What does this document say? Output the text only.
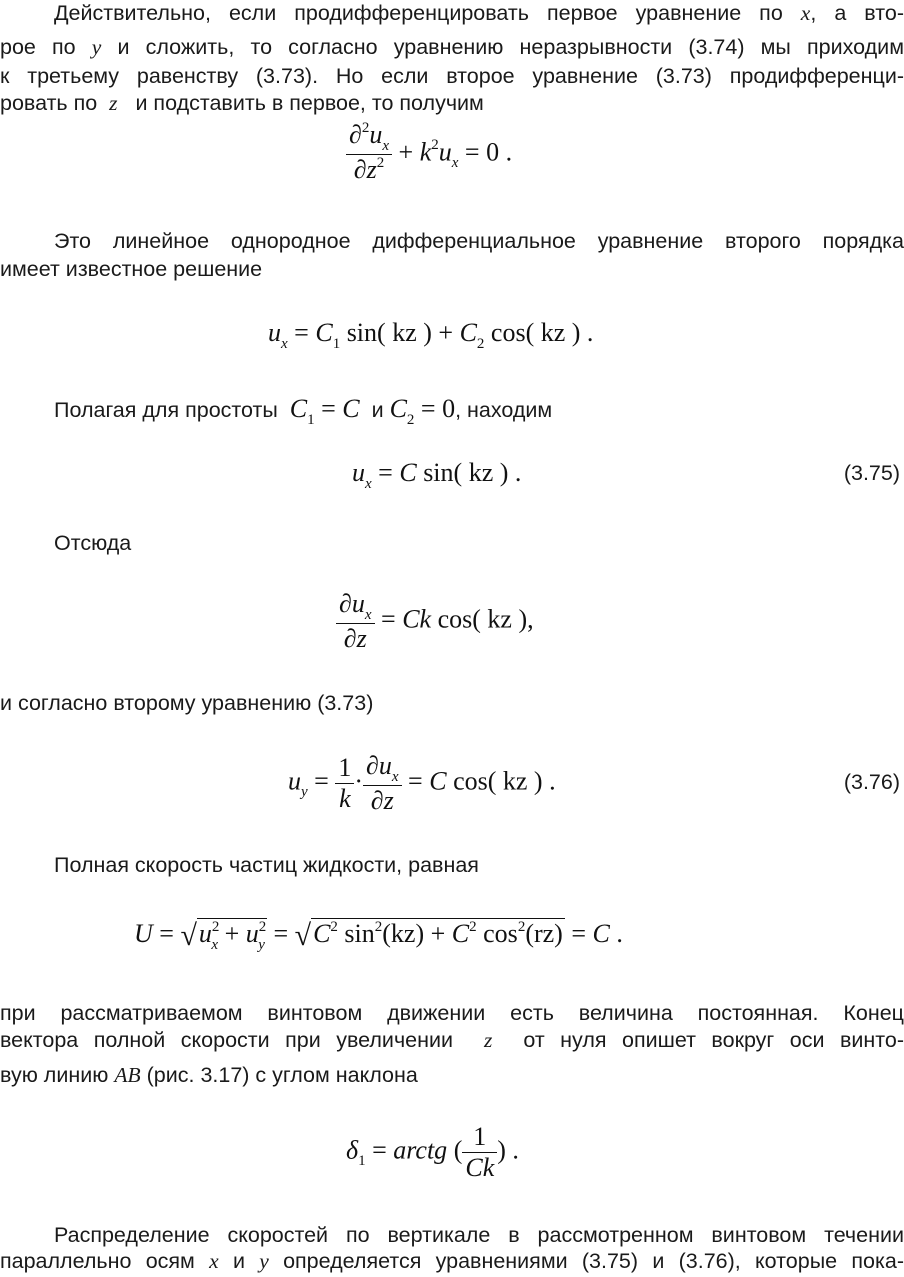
Действительно, если продифференцировать первое уравнение по x, а вто-
рое по y и сложить, то согласно уравнению неразрывности (3.74) мы приходим
к третьему равенству (3.73). Но если второе уравнение (3.73) продифференци-
ровать по z и подставить в первое, то получим
$\frac{\partial^2u_x}{\partial z^2} + k^2u_x = 0$ .
Это линейное однородное дифференциальное уравнение второго порядка
имеет известное решение
$u_x = C_1$ sin( kz ) + $C_2$ cos( kz ) .
Полагая для простоты $C_1 = C$ и $C_2 = 0$, находим
$u_x = C$ sin( kz ) .	(3.75)
Отсюда
$\frac{\partial u_x}{\partial z} = Ck$ cos( kz ),
и согласно второму уравнению (3.73)
$u_y = \frac{1}{k} \cdot \frac{\partial u_x}{\partial z} = C$ cos( kz ) .	(3.76)
Полная скорость частиц жидкости, равная
$U = √u^2_x + u^2_y = √C^2$ $\sin^2(kz) + C^2$ $\cos^2(rz) = C$ .
при рассматриваемом винтовом движении есть величина постоянная. Конец
вектора полной скорости при увеличении z от нуля опишет вокруг оси винто-
вую линию AB (рис. 3.17) с углом наклона
$\delta_1$ = arctg ( $\frac{1}{Ck}$ ) .
Распределение скоростей по вертикале в рассмотренном винтовом течении
параллельно осям x и y определяется уравнениями (3.75) и (3.76), которые пока-
